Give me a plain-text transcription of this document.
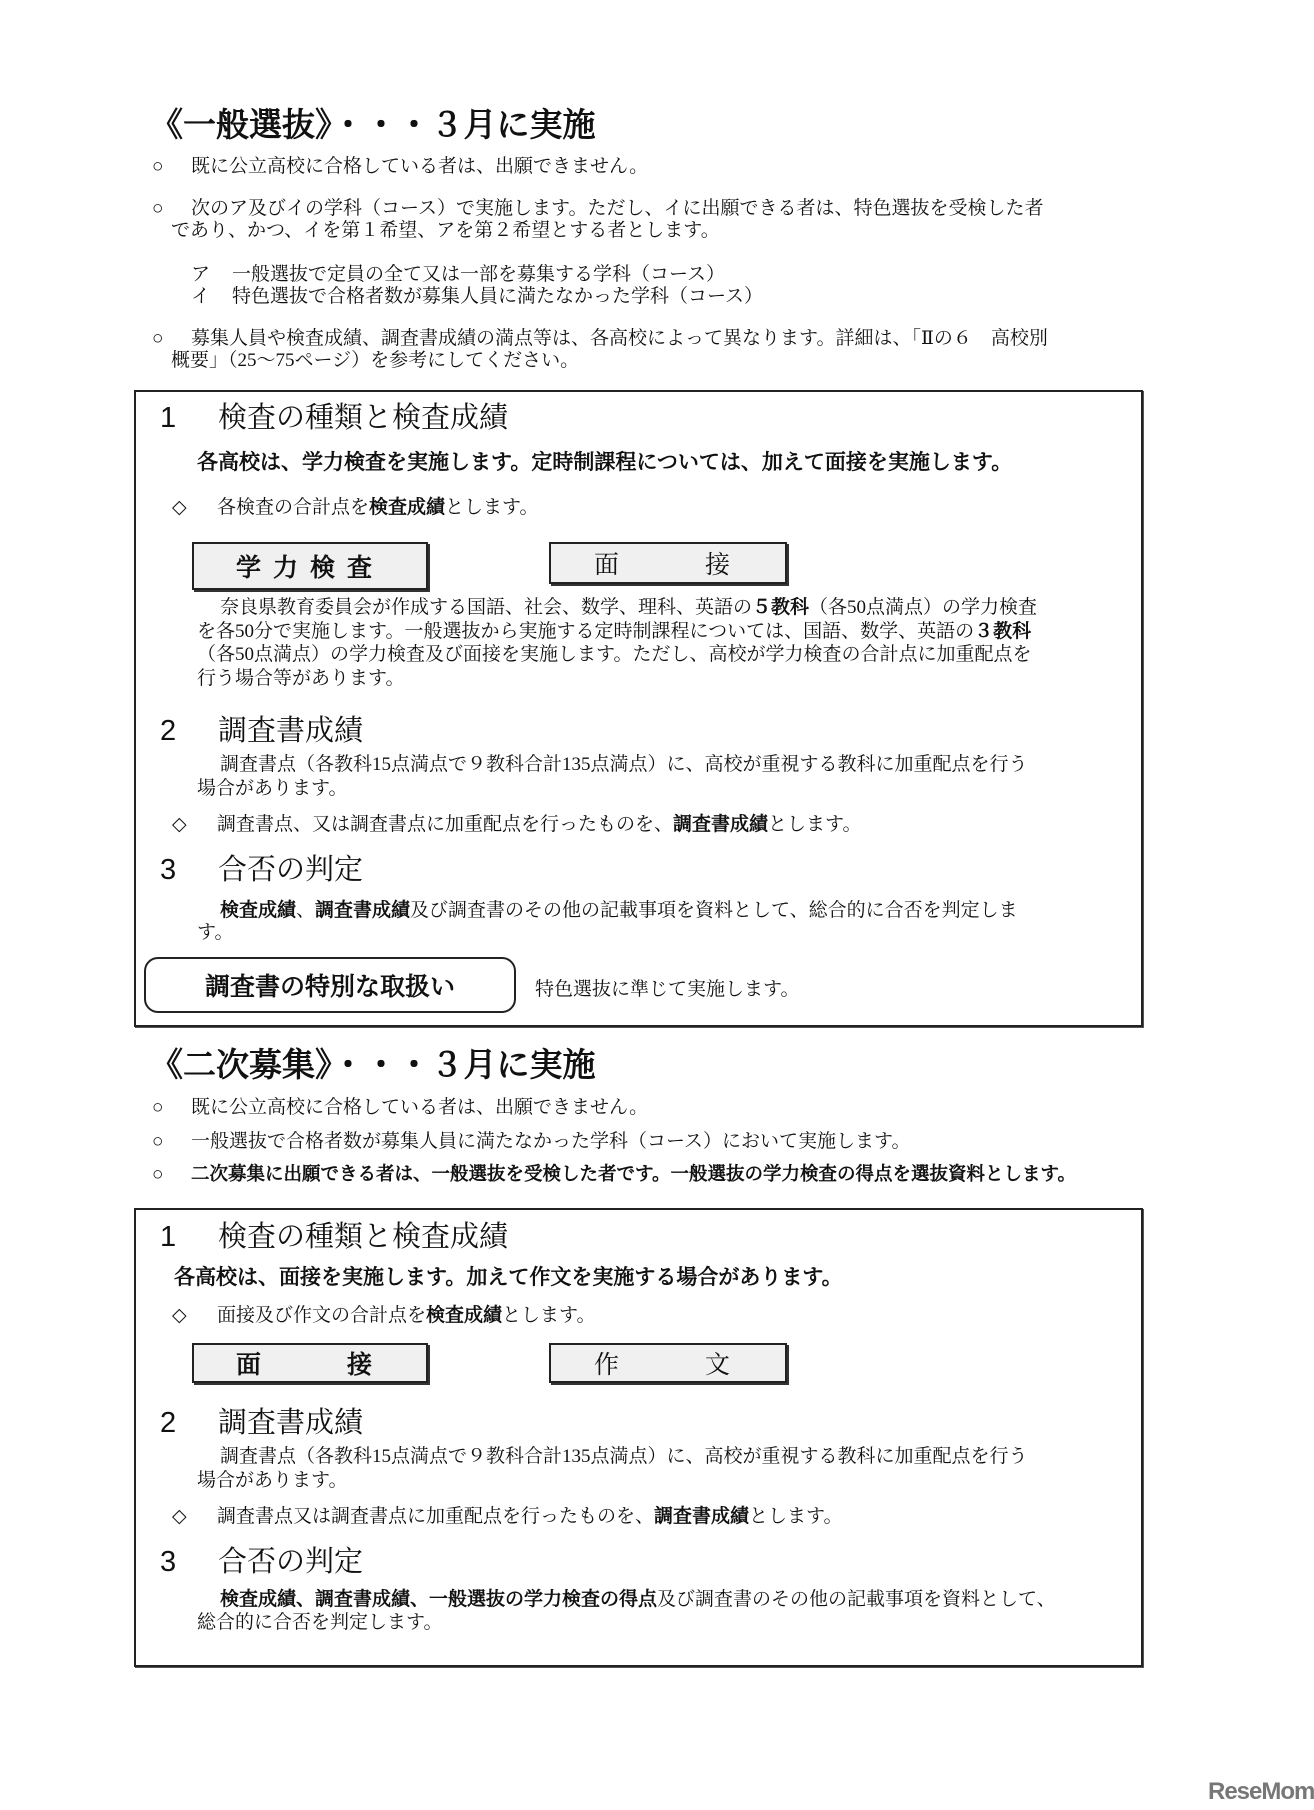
《一般選抜》・・・３月に実施
○ 既に公立高校に合格している者は、出願できません。
○ 次のア及びイの学科（コース）で実施します。ただし、イに出願できる者は、特色選抜を受検した者
であり、かつ、イを第１希望、アを第２希望とする者とします。
ア 一般選抜で定員の全て又は一部を募集する学科（コース）
イ 特色選抜で合格者数が募集人員に満たなかった学科（コース）
○ 募集人員や検査成績、調査書成績の満点等は、各高校によって異なります。詳細は、「Ⅱの６　高校別
概要」（25～75ページ）を参考にしてください。
1 検査の種類と検査成績
各高校は、学力検査を実施します。定時制課程については、加えて面接を実施します。
◇ 各検査の合計点を検査成績とします。
学力検査	面　　接
奈良県教育委員会が作成する国語、社会、数学、理科、英語の５教科（各50点満点）の学力検査
を各50分で実施します。一般選抜から実施する定時制課程については、国語、数学、英語の３教科
（各50点満点）の学力検査及び面接を実施します。ただし、高校が学力検査の合計点に加重配点を
行う場合等があります。
2 調査書成績
調査書点（各教科15点満点で９教科合計135点満点）に、高校が重視する教科に加重配点を行う
場合があります。
◇ 調査書点、又は調査書点に加重配点を行ったものを、調査書成績とします。
3 合否の判定
検査成績、調査書成績及び調査書のその他の記載事項を資料として、総合的に合否を判定しま
す。
調査書の特別な取扱い	特色選抜に準じて実施します。
《二次募集》・・・３月に実施
○ 既に公立高校に合格している者は、出願できません。
○ 一般選抜で合格者数が募集人員に満たなかった学科（コース）において実施します。
○ 二次募集に出願できる者は、一般選抜を受検した者です。一般選抜の学力検査の得点を選抜資料とします。
1 検査の種類と検査成績
各高校は、面接を実施します。加えて作文を実施する場合があります。
◇ 面接及び作文の合計点を検査成績とします。
面　　接	作　　文
2 調査書成績
調査書点（各教科15点満点で９教科合計135点満点）に、高校が重視する教科に加重配点を行う
場合があります。
◇ 調査書点又は調査書点に加重配点を行ったものを、調査書成績とします。
3 合否の判定
検査成績、調査書成績、一般選抜の学力検査の得点及び調査書のその他の記載事項を資料として、
総合的に合否を判定します。
ReseMom
